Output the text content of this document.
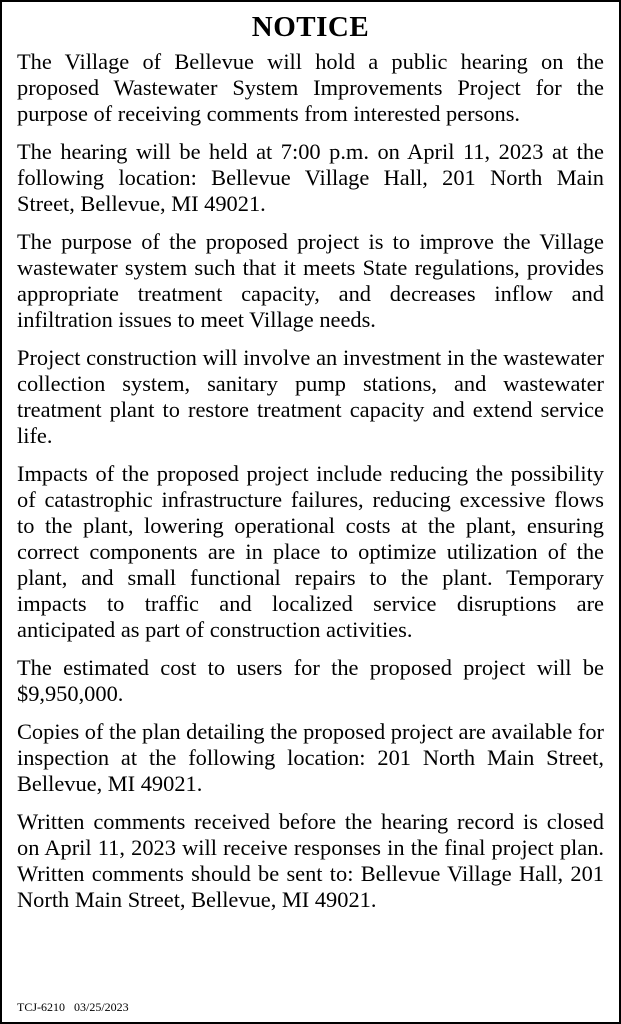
NOTICE

The Village of Bellevue will hold a public hearing on the proposed Wastewater System Improvements Project for the purpose of receiving comments from interested persons.

The hearing will be held at 7:00 p.m. on April 11, 2023 at the following location: Bellevue Village Hall, 201 North Main Street, Bellevue, MI 49021.

The purpose of the proposed project is to improve the Village wastewater system such that it meets State regulations, provides appropriate treatment capacity, and decreases inflow and infiltration issues to meet Village needs.

Project construction will involve an investment in the wastewater collection system, sanitary pump stations, and wastewater treatment plant to restore treatment capacity and extend service life.

Impacts of the proposed project include reducing the possibility of catastrophic infrastructure failures, reducing excessive flows to the plant, lowering operational costs at the plant, ensuring correct components are in place to optimize utilization of the plant, and small functional repairs to the plant. Temporary impacts to traffic and localized service disruptions are anticipated as part of construction activities.

The estimated cost to users for the proposed project will be $9,950,000.

Copies of the plan detailing the proposed project are available for inspection at the following location: 201 North Main Street, Bellevue, MI 49021.

Written comments received before the hearing record is closed on April 11, 2023 will receive responses in the final project plan. Written comments should be sent to: Bellevue Village Hall, 201 North Main Street, Bellevue, MI 49021.

TCJ-6210 03/25/2023
